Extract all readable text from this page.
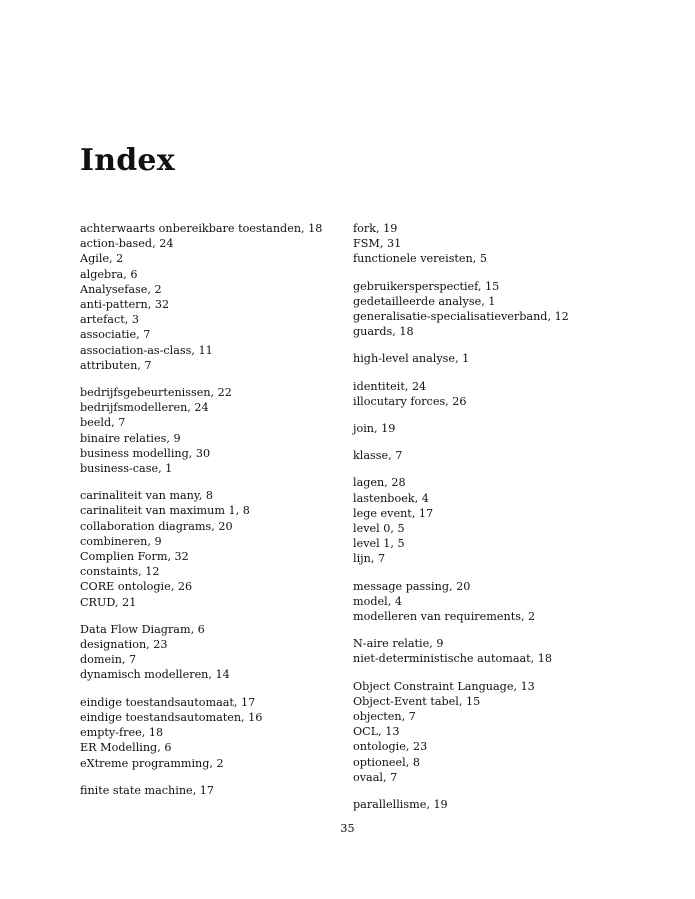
Index
achterwaarts onbereikbare toestanden, 18
action-based, 24
Agile, 2
algebra, 6
Analysefase, 2
anti-pattern, 32
artefact, 3
associatie, 7
association-as-class, 11
attributen, 7
bedrijfsgebeurtenissen, 22
bedrijfsmodelleren, 24
beeld, 7
binaire relaties, 9
business modelling, 30
business-case, 1
carinaliteit van many, 8
carinaliteit van maximum 1, 8
collaboration diagrams, 20
combineren, 9
Complien Form, 32
constaints, 12
CORE ontologie, 26
CRUD, 21
Data Flow Diagram, 6
designation, 23
domein, 7
dynamisch modelleren, 14
eindige toestandsautomaat, 17
eindige toestandsautomaten, 16
empty-free, 18
ER Modelling, 6
eXtreme programming, 2
finite state machine, 17
fork, 19
FSM, 31
functionele vereisten, 5
gebruikersperspectief, 15
gedetailleerde analyse, 1
generalisatie-specialisatieverband, 12
guards, 18
high-level analyse, 1
identiteit, 24
illocutary forces, 26
join, 19
klasse, 7
lagen, 28
lastenboek, 4
lege event, 17
level 0, 5
level 1, 5
lijn, 7
message passing, 20
model, 4
modelleren van requirements, 2
N-aire relatie, 9
niet-deterministische automaat, 18
Object Constraint Language, 13
Object-Event tabel, 15
objecten, 7
OCL, 13
ontologie, 23
optioneel, 8
ovaal, 7
parallellisme, 19
35
